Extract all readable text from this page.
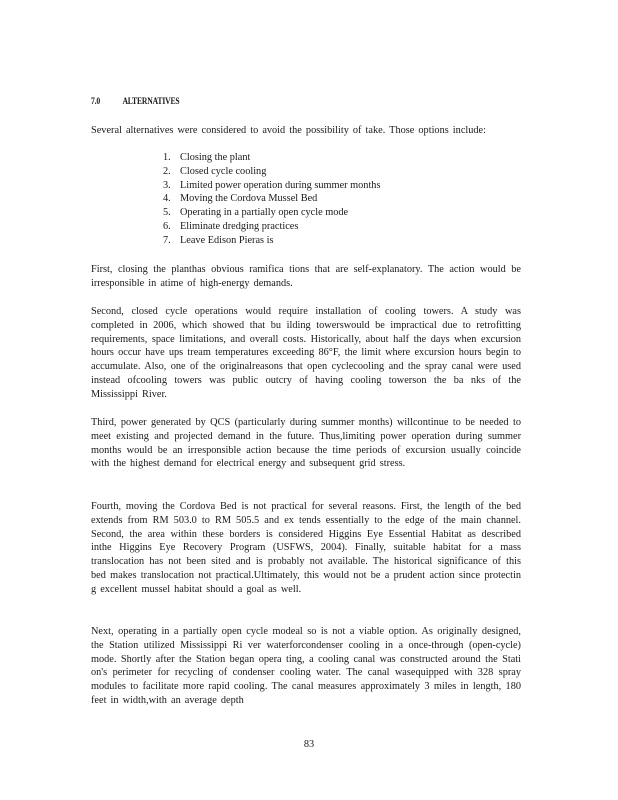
7.0 ALTERNATIVES

Several alternatives were considered to avoid the possibility of take. Those options include:

1. Closing the plant
2. Closed cycle cooling
3. Limited power operation during summer months
4. Moving the Cordova Mussel Bed
5. Operating in a partially open cycle mode
6. Eliminate dredging practices
7. Leave Edison Pieras is

First, closing the planthas obvious ramifica tions that are self-explanatory. The action would be irresponsible in atime of high-energy demands.

Second, closed cycle operations would require installation of cooling towers. A study was completed in 2006, which showed that bu ilding towerswould be impractical due to retrofitting requirements, space limitations, and overall costs. Historically, about half the days when excursion hours occur have ups tream temperatures exceeding 86°F, the limit where excursion hours begin to accumulate. Also, one of the originalreasons that open cyclecooling and the spray canal were used instead ofcooling towers was public outcry of having cooling towerson the ba nks of the Mississippi River.

Third, power generated by QCS (particularly during summer months) willcontinue to be needed to meet existing and projected demand in the future. Thus,limiting power operation during summer months would be an irresponsible action because the time periods of excursion usually coincide with the highest demand for electrical energy and subsequent grid stress.

Fourth, moving the Cordova Bed is not practical for several reasons. First, the length of the bed extends from RM 503.0 to RM 505.5 and ex tends essentially to the edge of the main channel. Second, the area within these borders is considered Higgins Eye Essential Habitat as described inthe Higgins Eye Recovery Program (USFWS, 2004). Finally, suitable habitat for a mass translocation has not been sited and is probably not available. The historical significance of this bed makes translocation not practical.Ultimately, this would not be a prudent action since protectin g excellent mussel habitat should a goal as well.

Next, operating in a partially open cycle modeal so is not a viable option. As originally designed, the Station utilized Mississippi Ri ver waterforcondenser cooling in a once-through (open-cycle) mode. Shortly after the Station began opera ting, a cooling canal was constructed around the Stati on's perimeter for recycling of condenser cooling water. The canal wasequipped with 328 spray modules to facilitate more rapid cooling. The canal measures approximately 3 miles in length, 180 feet in width,with an average depth

83
